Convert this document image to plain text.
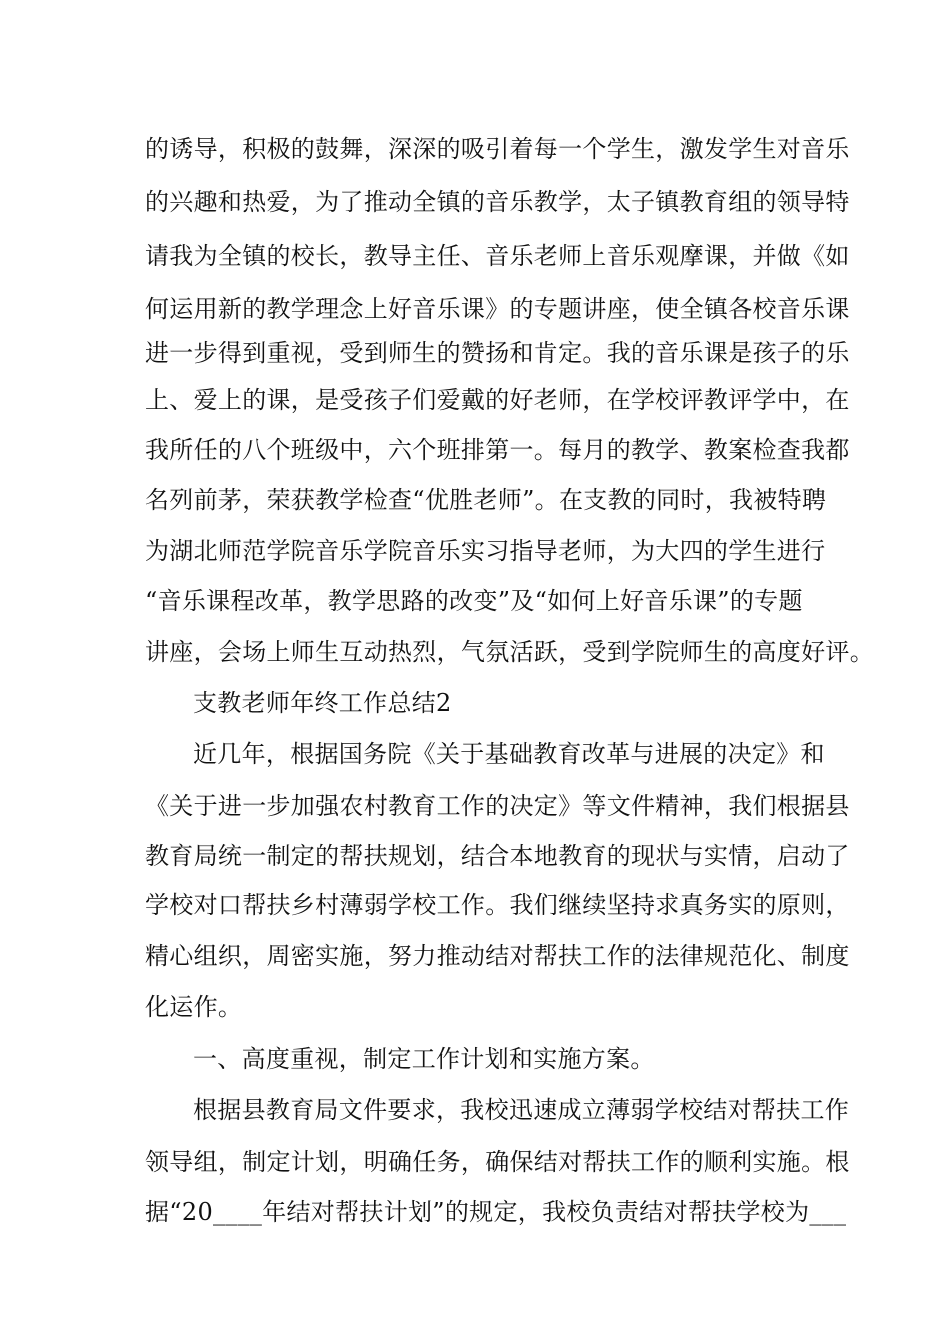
的诱导，积极的鼓舞，深深的吸引着每一个学生，激发学生对音乐
的兴趣和热爱，为了推动全镇的音乐教学，太子镇教育组的领导特
请我为全镇的校长，教导主任、音乐老师上音乐观摩课，并做《如
何运用新的教学理念上好音乐课》的专题讲座，使全镇各校音乐课
进一步得到重视，受到师生的赞扬和肯定。我的音乐课是孩子的乐
上、爱上的课，是受孩子们爱戴的好老师，在学校评教评学中，在
我所任的八个班级中，六个班排第一。每月的教学、教案检查我都
名列前茅，荣获教学检查“优胜老师”。在支教的同时，我被特聘
为湖北师范学院音乐学院音乐实习指导老师，为大四的学生进行
“音乐课程改革，教学思路的改变”及“如何上好音乐课”的专题
讲座，会场上师生互动热烈，气氛活跃，受到学院师生的高度好评。
支教老师年终工作总结2
近几年，根据国务院《关于基础教育改革与进展的决定》和
《关于进一步加强农村教育工作的决定》等文件精神，我们根据县
教育局统一制定的帮扶规划，结合本地教育的现状与实情，启动了
学校对口帮扶乡村薄弱学校工作。我们继续坚持求真务实的原则，
精心组织，周密实施，努力推动结对帮扶工作的法律规范化、制度
化运作。
一、高度重视，制定工作计划和实施方案。
根据县教育局文件要求，我校迅速成立薄弱学校结对帮扶工作
领导组，制定计划，明确任务，确保结对帮扶工作的顺利实施。根
据“20____年结对帮扶计划”的规定，我校负责结对帮扶学校为___
